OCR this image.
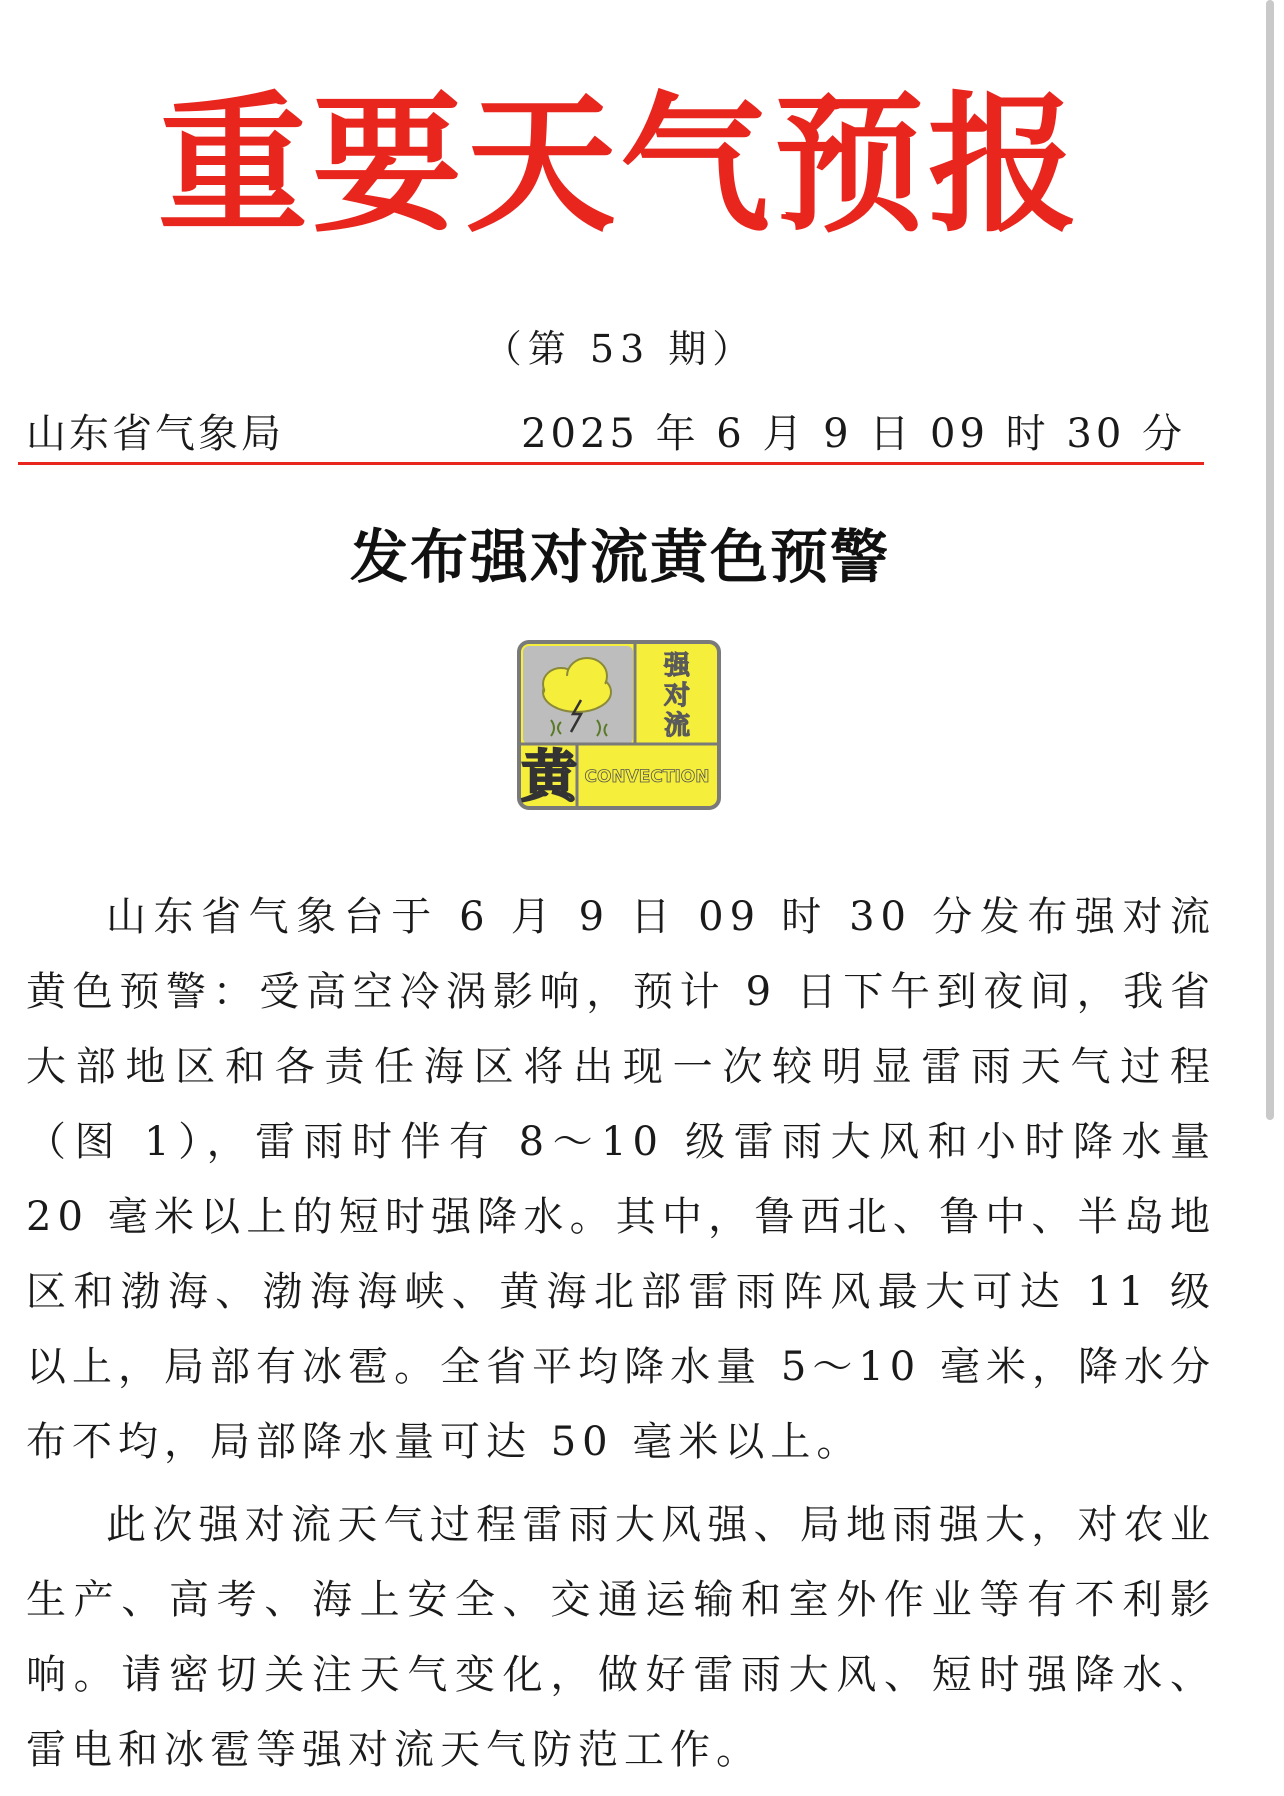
重要天气预报
（第 53 期）
山东省气象局	2025 年 6 月 9 日 09 时 30 分
发布强对流黄色预警
强
对
流
黄 CONVECTION

山东省气象台于 6 月 9 日 09 时 30 分发布强对流黄色预警：受高空冷涡影响，预计 9 日下午到夜间，我省大部地区和各责任海区将出现一次较明显雷雨天气过程（图 1），雷雨时伴有 8～10 级雷雨大风和小时降水量 20 毫米以上的短时强降水。其中，鲁西北、鲁中、半岛地区和渤海、渤海海峡、黄海北部雷雨阵风最大可达 11 级以上，局部有冰雹。全省平均降水量 5～10 毫米，降水分布不均，局部降水量可达 50 毫米以上。

此次强对流天气过程雷雨大风强、局地雨强大，对农业生产、高考、海上安全、交通运输和室外作业等有不利影响。请密切关注天气变化，做好雷雨大风、短时强降水、雷电和冰雹等强对流天气防范工作。
